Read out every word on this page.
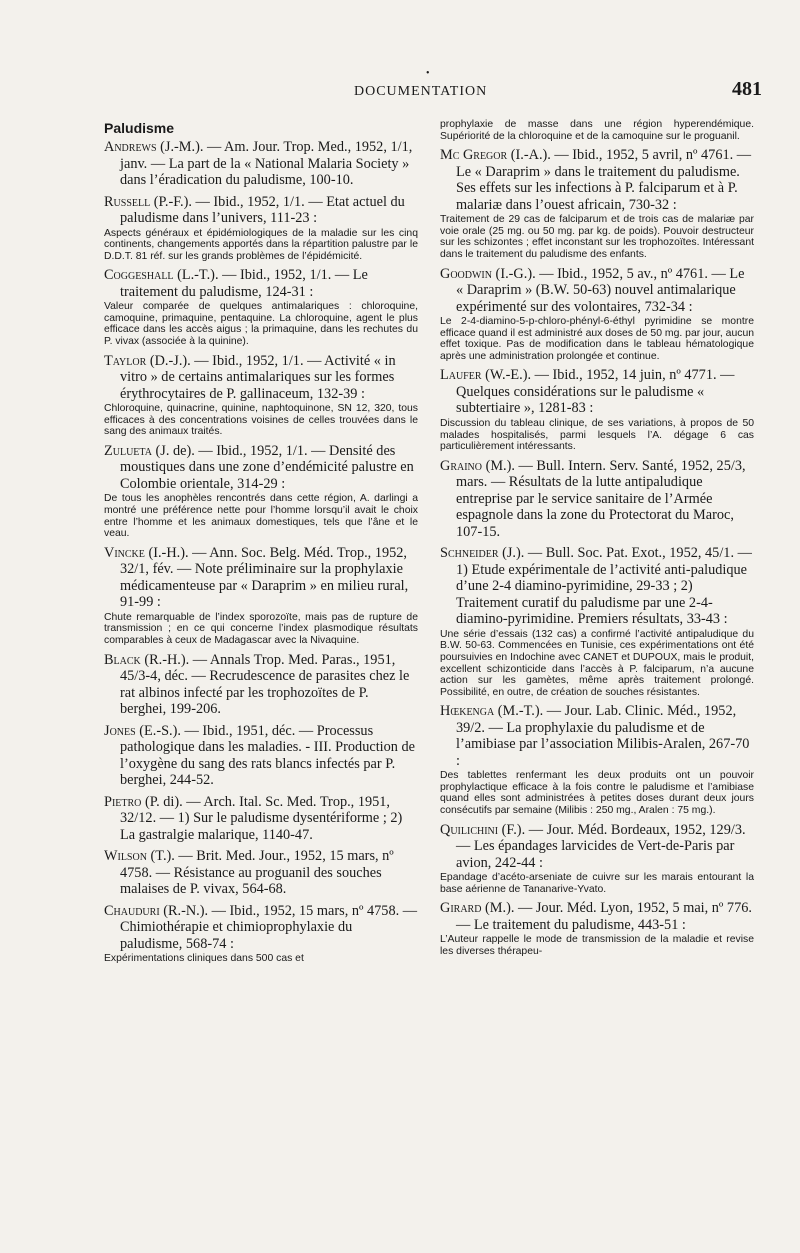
•
DOCUMENTATION	481
Paludisme

Andrews (J.-M.). — Am. Jour. Trop. Med., 1952, 1/1, janv. — La part de la « National Malaria Society » dans l’éradication du paludisme, 100-10.

Russell (P.-F.). — Ibid., 1952, 1/1. — Etat actuel du paludisme dans l’univers, 111-23 :

Aspects généraux et épidémiologiques de la maladie sur les cinq continents, changements apportés dans la répartition palustre par le D.D.T. 81 réf. sur les grands problèmes de l’épidémicité.

Coggeshall (L.-T.). — Ibid., 1952, 1/1. — Le traitement du paludisme, 124-31 :

Valeur comparée de quelques antimalariques : chloroquine, camoquine, primaquine, pentaquine. La chloroquine, agent le plus efficace dans les accès aigus ; la primaquine, dans les rechutes du P. vivax (associée à la quinine).

Taylor (D.-J.). — Ibid., 1952, 1/1. — Activité « in vitro » de certains antimalariques sur les formes érythrocytaires de P. gallinaceum, 132-39 :

Chloroquine, quinacrine, quinine, naphtoquinone, SN 12, 320, tous efficaces à des concentrations voisines de celles trouvées dans le sang des animaux traités.

Zulueta (J. de). — Ibid., 1952, 1/1. — Densité des moustiques dans une zone d’endémicité palustre en Colombie orientale, 314-29 :

De tous les anophèles rencontrés dans cette région, A. darlingi a montré une préférence nette pour l’homme lorsqu’il avait le choix entre l’homme et les animaux domestiques, tels que l’âne et le veau.

Vincke (I.-H.). — Ann. Soc. Belg. Méd. Trop., 1952, 32/1, fév. — Note préliminaire sur la prophylaxie médicamenteuse par « Daraprim » en milieu rural, 91-99 :

Chute remarquable de l’index sporozoïte, mais pas de rupture de transmission ; en ce qui concerne l’index plasmodique résultats comparables à ceux de Madagascar avec la Nivaquine.

Black (R.-H.). — Annals Trop. Med. Paras., 1951, 45/3-4, déc. — Recrudescence de parasites chez le rat albinos infecté par les trophozoïtes de P. berghei, 199-206.

Jones (E.-S.). — Ibid., 1951, déc. — Processus pathologique dans les maladies. - III. Production de l’oxygène du sang des rats blancs infectés par P. berghei, 244-52.

Pietro (P. di). — Arch. Ital. Sc. Med. Trop., 1951, 32/12. — 1) Sur le paludisme dysentériforme ; 2) La gastralgie malarique, 1140-47.

Wilson (T.). — Brit. Med. Jour., 1952, 15 mars, nº 4758. — Résistance au proguanil des souches malaises de P. vivax, 564-68.

Chauduri (R.-N.). — Ibid., 1952, 15 mars, nº 4758. — Chimiothérapie et chimioprophylaxie du paludisme, 568-74 :

Expérimentations cliniques dans 500 cas et

prophylaxie de masse dans une région hyperendémique. Supériorité de la chloroquine et de la camoquine sur le proguanil.

Mc Gregor (I.-A.). — Ibid., 1952, 5 avril, nº 4761. — Le « Daraprim » dans le traitement du paludisme. Ses effets sur les infections à P. falciparum et à P. malariæ dans l’ouest africain, 730-32 :

Traitement de 29 cas de falciparum et de trois cas de malariæ par voie orale (25 mg. ou 50 mg. par kg. de poids). Pouvoir destructeur sur les schizontes ; effet inconstant sur les trophozoïtes. Intéressant dans le traitement du paludisme des enfants.

Goodwin (I.-G.). — Ibid., 1952, 5 av., nº 4761. — Le « Daraprim » (B.W. 50-63) nouvel antimalarique expérimenté sur des volontaires, 732-34 :

Le 2-4-diamino-5-p-chloro-phényl-6-éthyl pyrimidine se montre efficace quand il est administré aux doses de 50 mg. par jour, aucun effet toxique. Pas de modification dans le tableau hématologique après une administration prolongée et continue.

Laufer (W.-E.). — Ibid., 1952, 14 juin, nº 4771. — Quelques considérations sur le paludisme « subtertiaire », 1281-83 :

Discussion du tableau clinique, de ses variations, à propos de 50 malades hospitalisés, parmi lesquels l’A. dégage 6 cas particulièrement intéressants.

Graino (M.). — Bull. Intern. Serv. Santé, 1952, 25/3, mars. — Résultats de la lutte antipaludique entreprise par le service sanitaire de l’Armée espagnole dans la zone du Protectorat du Maroc, 107-15.

Schneider (J.). — Bull. Soc. Pat. Exot., 1952, 45/1. — 1) Etude expérimentale de l’activité anti-paludique d’une 2-4 diamino-pyrimidine, 29-33 ; 2) Traitement curatif du paludisme par une 2-4-diamino-pyrimidine. Premiers résultats, 33-43 :

Une série d’essais (132 cas) a confirmé l’activité antipaludique du B.W. 50-63. Commencées en Tunisie, ces expérimentations ont été poursuivies en Indochine avec CANET et DUPOUX, mais le produit, excellent schizonticide dans l’accès à P. falciparum, n’a aucune action sur les gamètes, même après traitement prolongé. Possibilité, en outre, de création de souches résistantes.

Hœkenga (M.-T.). — Jour. Lab. Clinic. Méd., 1952, 39/2. — La prophylaxie du paludisme et de l’amibiase par l’association Milibis-Aralen, 267-70 :

Des tablettes renfermant les deux produits ont un pouvoir prophylactique efficace à la fois contre le paludisme et l’amibiase quand elles sont administrées à petites doses durant deux jours consécutifs par semaine (Milibis : 250 mg., Aralen : 75 mg.).

Quilichini (F.). — Jour. Méd. Bordeaux, 1952, 129/3. — Les épandages larvicides de Vert-de-Paris par avion, 242-44 :

Epandage d’acéto-arseniate de cuivre sur les marais entourant la base aérienne de Tananarive-Yvato.

Girard (M.). — Jour. Méd. Lyon, 1952, 5 mai, nº 776. — Le traitement du paludisme, 443-51 :

L’Auteur rappelle le mode de transmission de la maladie et revise les diverses thérapeu-
